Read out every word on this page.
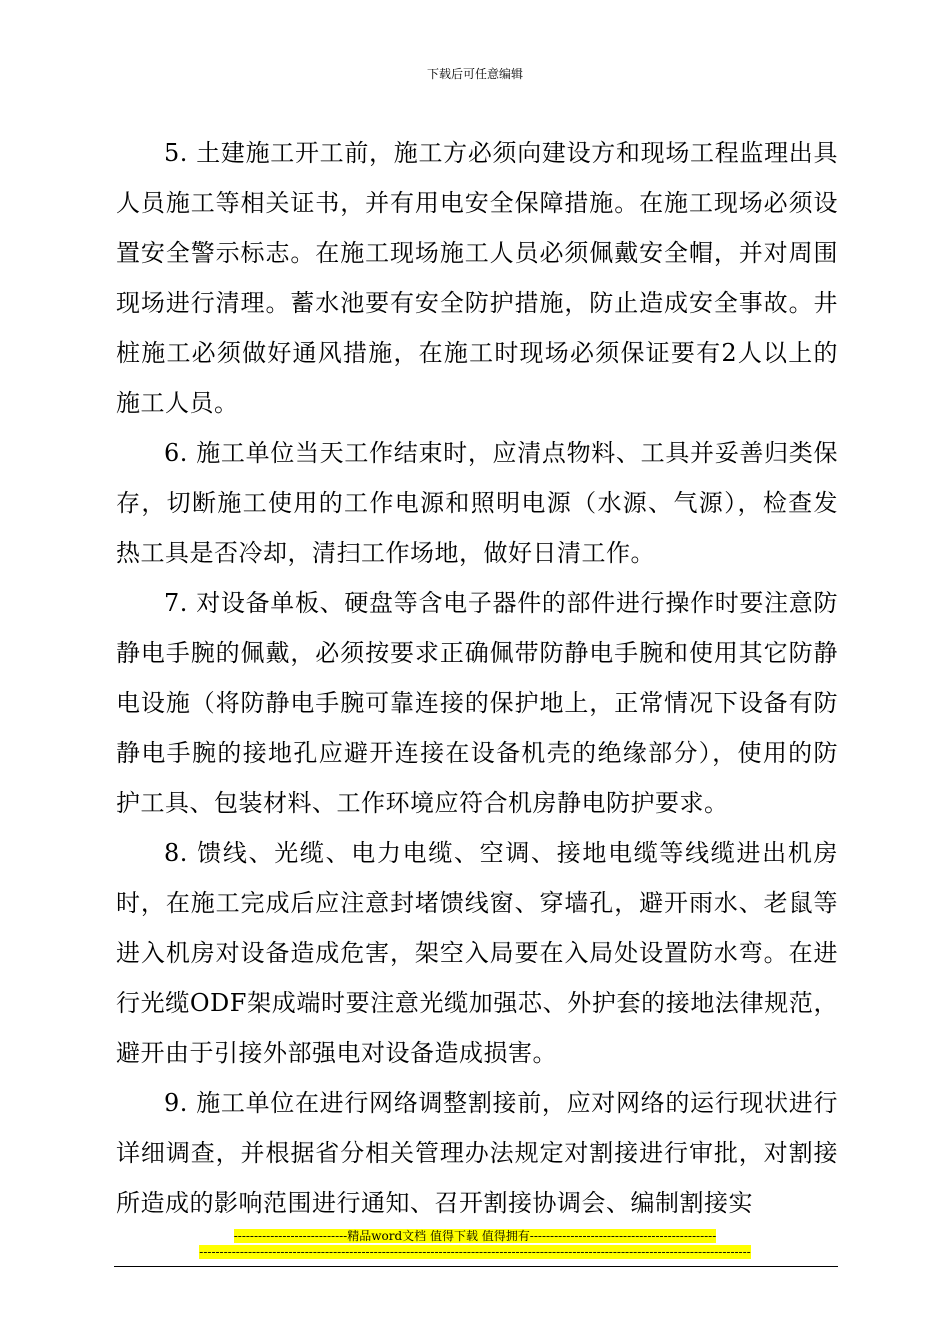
下载后可任意编辑

5. 土建施工开工前，施工方必须向建设方和现场工程监理出具人员施工等相关证书，并有用电安全保障措施。在施工现场必须设置安全警示标志。在施工现场施工人员必须佩戴安全帽，并对周围现场进行清理。蓄水池要有安全防护措施，防止造成安全事故。井桩施工必须做好通风措施，在施工时现场必须保证要有2人以上的施工人员。

6. 施工单位当天工作结束时，应清点物料、工具并妥善归类保存，切断施工使用的工作电源和照明电源（水源、气源），检查发热工具是否冷却，清扫工作场地，做好日清工作。

7. 对设备单板、硬盘等含电子器件的部件进行操作时要注意防静电手腕的佩戴，必须按要求正确佩带防静电手腕和使用其它防静电设施（将防静电手腕可靠连接的保护地上，正常情况下设备有防静电手腕的接地孔应避开连接在设备机壳的绝缘部分），使用的防护工具、包装材料、工作环境应符合机房静电防护要求。

8. 馈线、光缆、电力电缆、空调、接地电缆等线缆进出机房时，在施工完成后应注意封堵馈线窗、穿墙孔，避开雨水、老鼠等进入机房对设备造成危害，架空入局要在入局处设置防水弯。在进行光缆ODF架成端时要注意光缆加强芯、外护套的接地法律规范，避开由于引接外部强电对设备造成损害。

9. 施工单位在进行网络调整割接前，应对网络的运行现状进行详细调查，并根据省分相关管理办法规定对割接进行审批，对割接所造成的影响范围进行通知、召开割接协调会、编制割接实

----------------------------精品word文档 值得下载 值得拥有----------------------------------------------
----------------------------------------------------------------------------------------------------------------------------------------
